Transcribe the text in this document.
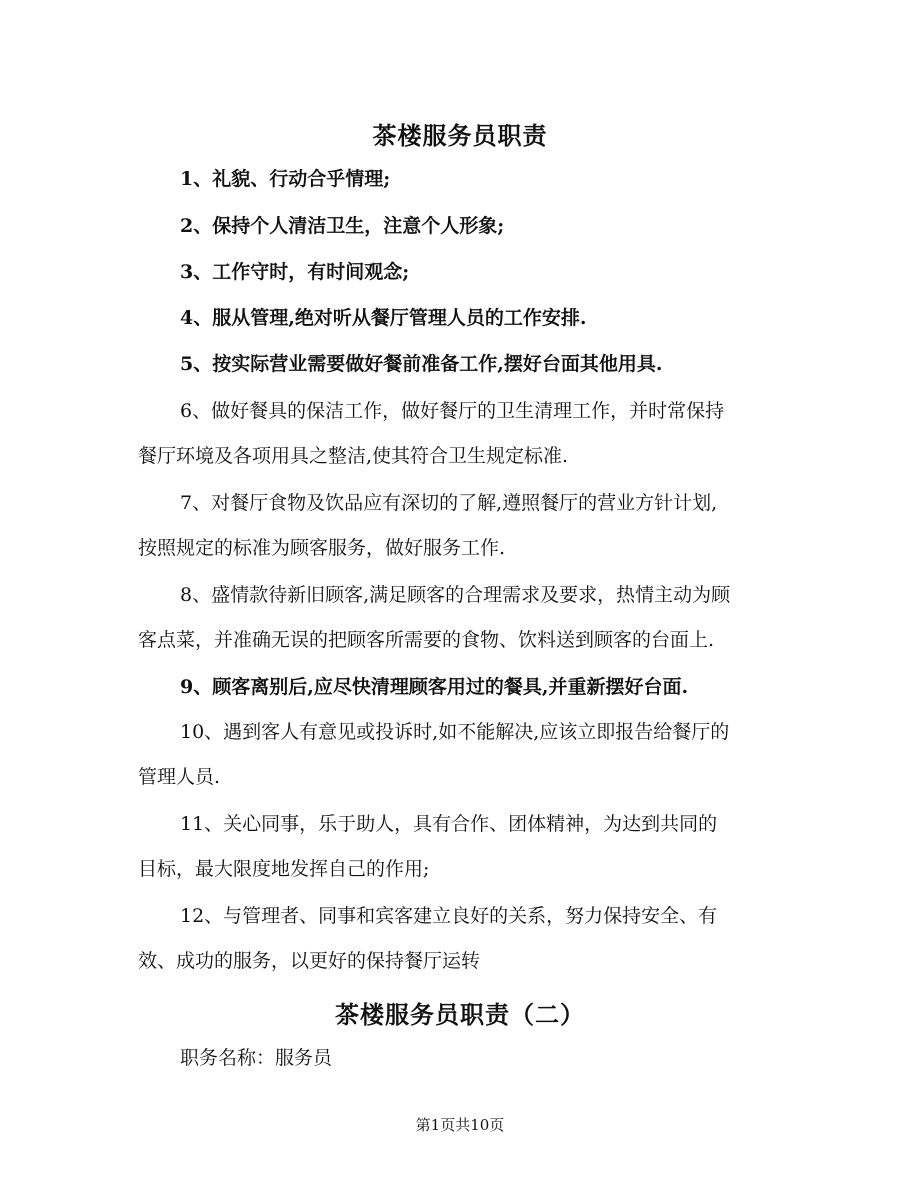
茶楼服务员职责
1、礼貌、行动合乎情理;
2、保持个人清洁卫生，注意个人形象;
3、工作守时，有时间观念;
4、服从管理,绝对听从餐厅管理人员的工作安排.
5、按实际营业需要做好餐前准备工作,摆好台面其他用具.
6、做好餐具的保洁工作，做好餐厅的卫生清理工作，并时常保持
餐厅环境及各项用具之整洁,使其符合卫生规定标准.
7、对餐厅食物及饮品应有深切的了解,遵照餐厅的营业方针计划,
按照规定的标准为顾客服务，做好服务工作.
8、盛情款待新旧顾客,满足顾客的合理需求及要求，热情主动为顾
客点菜，并准确无误的把顾客所需要的食物、饮料送到顾客的台面上.
9、顾客离别后,应尽快清理顾客用过的餐具,并重新摆好台面.
10、遇到客人有意见或投诉时,如不能解决,应该立即报告给餐厅的
管理人员.
11、关心同事，乐于助人，具有合作、团体精神，为达到共同的
目标，最大限度地发挥自己的作用;
12、与管理者、同事和宾客建立良好的关系，努力保持安全、有
效、成功的服务，以更好的保持餐厅运转
茶楼服务员职责（二）
职务名称：服务员
第1页共10页
